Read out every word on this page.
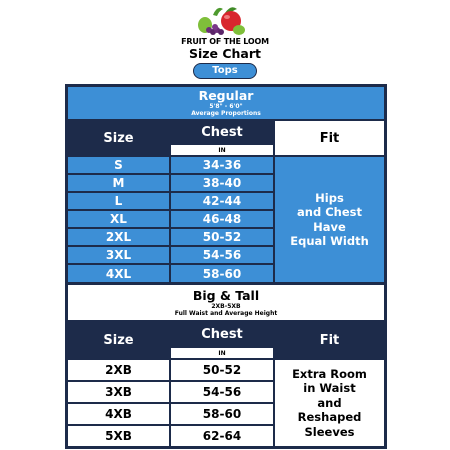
FRUIT OF THE LOOM
Size Chart
Tops
Regular
5'8" - 6'0"
Average Proportions
Size	Chest
IN
Fit
S	34-36
M	38-40
L	42-44
XL	46-48
2XL	50-52
3XL	54-56
4XL	58-60
Hips
and Chest
Have
Equal Width
Big & Tall
2XB-5XB
Full Waist and Average Height
Size	Chest
IN
Fit
2XB	50-52
3XB	54-56
4XB	58-60
5XB	62-64
Extra Room
in Waist
and
Reshaped
Sleeves
